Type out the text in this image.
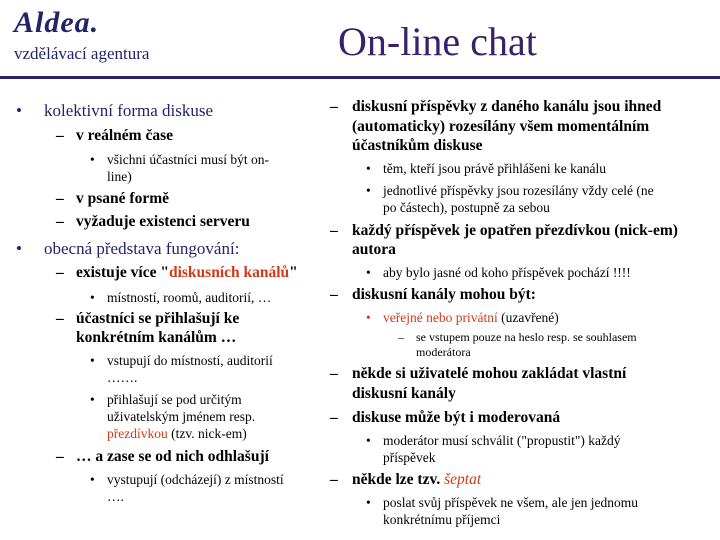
Aldea.
vzdělávací agentura	On-line chat
• kolektivní forma diskuse
– v reálném čase
• všichni účastníci musí být on-
line)
– v psané formě
– vyžaduje existenci serveru
• obecná představa fungování:
– existuje více "diskusních kanálů"
• místností, roomů, auditorií, …
– účastníci se přihlašují ke
konkrétním kanálům …
• vstupují do místností, auditorií
…….
• přihlašují se pod určitým
uživatelským jménem resp.
přezdívkou (tzv. nick-em)
– … a zase se od nich odhlašují
• vystupují (odcházejí) z místností
….
– diskusní příspěvky z daného kanálu jsou ihned
(automaticky) rozesílány všem momentálním
účastníkům diskuse
• těm, kteří jsou právě přihlášeni ke kanálu
• jednotlivé příspěvky jsou rozesílány vždy celé (ne
po částech), postupně za sebou
– každý příspěvek je opatřen přezdívkou (nick-em)
autora
• aby bylo jasné od koho příspěvek pochází !!!!
– diskusní kanály mohou být:
• veřejné nebo privátní (uzavřené)
– se vstupem pouze na heslo resp. se souhlasem
moderátora
– někde si uživatelé mohou zakládat vlastní
diskusní kanály
– diskuse může být i moderovaná
• moderátor musí schválit ("propustit") každý
příspěvek
– někde lze tzv. šeptat
• poslat svůj příspěvek ne všem, ale jen jednomu
konkrétnímu příjemci
